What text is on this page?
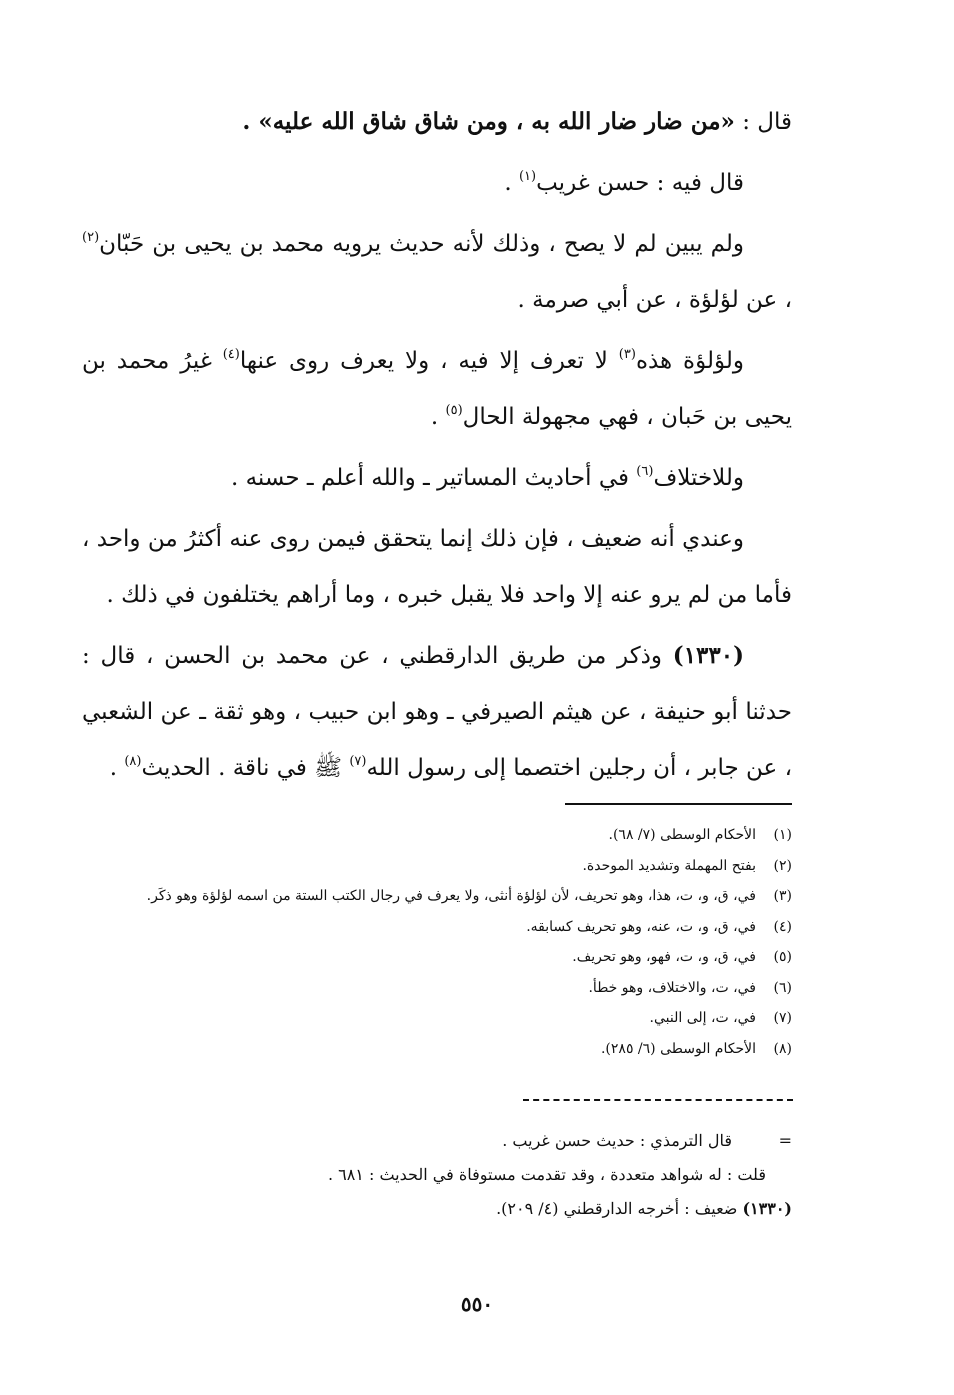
قال : «من ضار ضار الله به ، ومن شاق شاق الله عليه» .

قال فيه : حسن غريب$^{(١)}$ .

ولم يبين لم لا يصح ، وذلك لأنه حديث يرويه محمد بن يحيى بن حَبّان$^{(٢)}$ ، عن لؤلؤة ، عن أبي صرمة .

ولؤلؤة هذه$^{(٣)}$ لا تعرف إلا فيه ، ولا يعرف روى عنها$^{(٤)}$ غيرُ محمد بن يحيى بن حَبان ، فهي مجهولة الحال$^{(٥)}$ .

وللاختلاف$^{(٦)}$ في أحاديث المساتير ـ والله أعلم ـ حسنه .

وعندي أنه ضعيف ، فإن ذلك إنما يتحقق فيمن روى عنه أكثرُ من واحد ، فأما من لم يرو عنه إلا واحد فلا يقبل خبره ، وما أراهم يختلفون في ذلك .

(١٣٣٠) وذكر من طريق الدارقطني ، عن محمد بن الحسن ، قال : حدثنا أبو حنيفة ، عن هيثم الصيرفي ـ وهو ابن حبيب ، وهو ثقة ـ عن الشعبي ، عن جابر ، أن رجلين اختصما إلى رسول الله$^{(٧)}$ ﷺ في ناقة . الحديث$^{(٨)}$ .

(١)الأحكام الوسطى (٧/ ٦٨).
(٢)بفتح المهملة وتشديد الموحدة.
(٣)في، ق، و، ت، هذا، وهو تحريف، لأن لؤلؤة أنثى، ولا يعرف في رجال الكتب الستة من اسمه لؤلؤة وهو ذكَر.
(٤)في، ق، و، ت، عنه، وهو تحريف كسابقه.
(٥)في، ق، و، ت، فهو، وهو تحريف.
(٦)في، ت، والاختلاف، وهو خطأ.
(٧)في، ت، إلى النبي.
(٨)الأحكام الوسطى (٦/ ٢٨٥).
=قال الترمذي : حديث حسن غريب .
قلت : له شواهد متعددة ، وقد تقدمت مستوفاة في الحديث : ٦٨١ .
(١٣٣٠) ضعيف : أخرجه الدارقطني (٤/ ٢٠٩).
٥٥٠
